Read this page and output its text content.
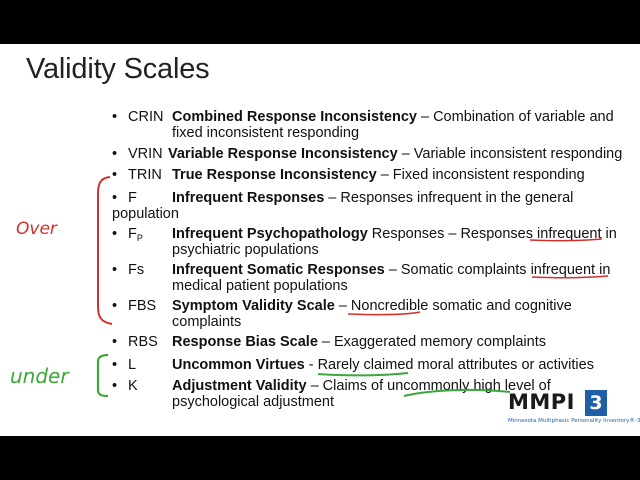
Validity Scales
• CRIN Combined Response Inconsistency – Combination of variable and
fixed inconsistent responding
• VRIN Variable Response Inconsistency – Variable inconsistent responding
• TRIN True Response Inconsistency – Fixed inconsistent responding
• F Infrequent Responses – Responses infrequent in the general
population
• $F_P$ Infrequent Psychopathology Responses – Responses infrequent in
psychiatric populations
• Fs Infrequent Somatic Responses – Somatic complaints infrequent in
medical patient populations
• FBS Symptom Validity Scale – Noncredible somatic and cognitive
complaints
• RBS Response Bias Scale – Exaggerated memory complaints
• L Uncommon Virtues - Rarely claimed moral attributes or activities
• K Adjustment Validity – Claims of uncommonly high level of
psychological adjustment
Over
under
MMPI 3
Minnesota Multiphasic Personality Inventory®-3
